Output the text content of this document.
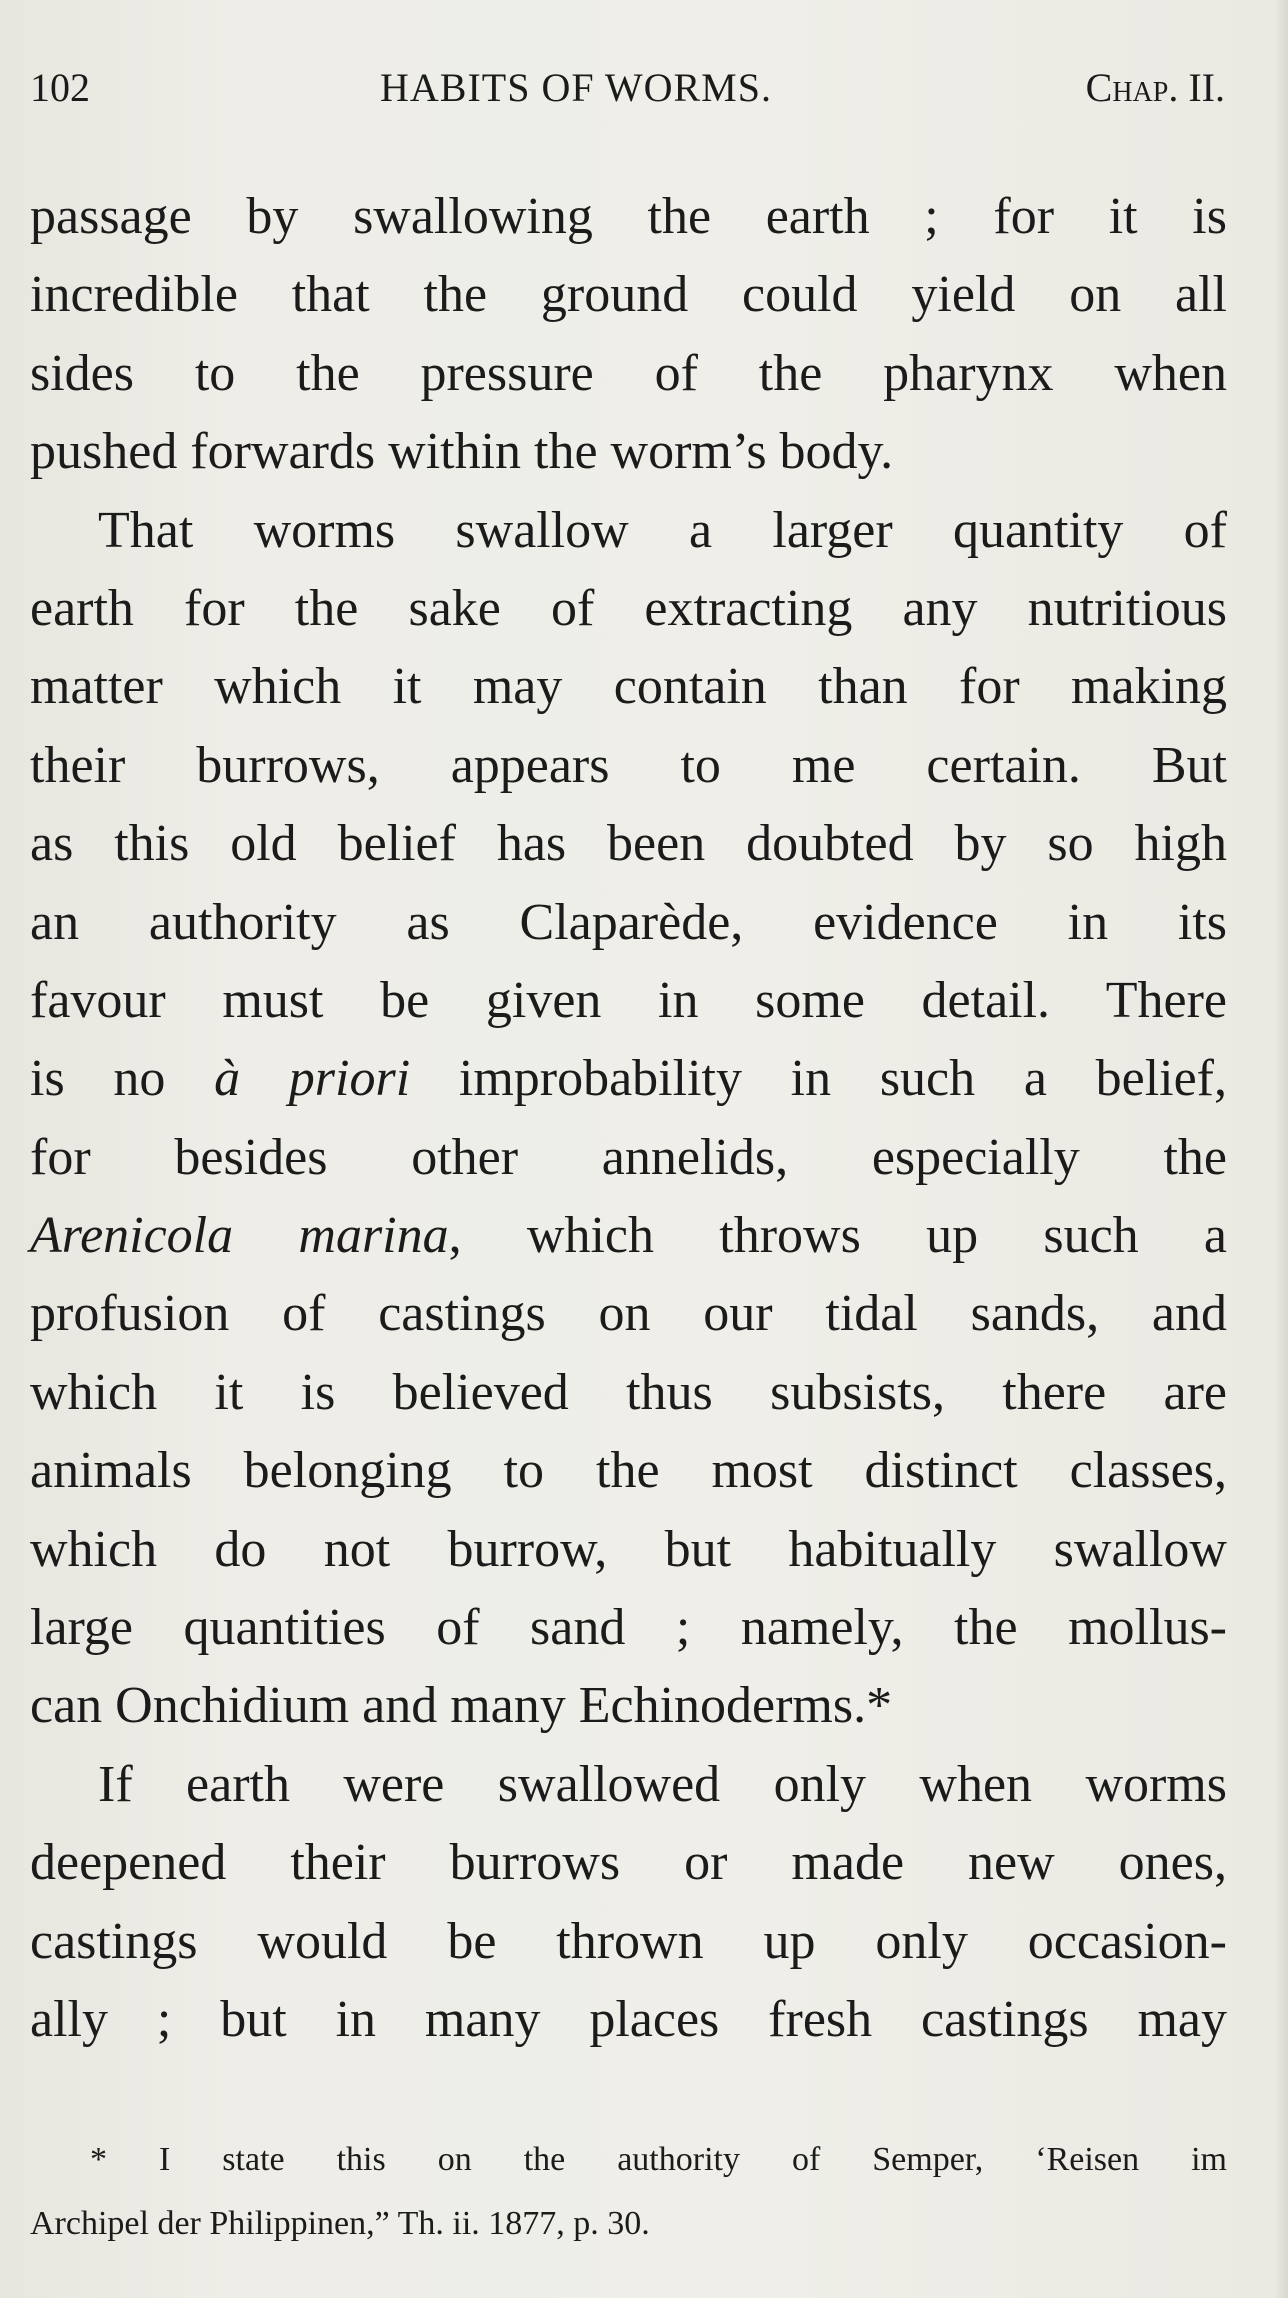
102	HABITS OF WORMS.	Chap. II.
passage by swallowing the earth ; for it is
incredible that the ground could yield on all
sides to the pressure of the pharynx when
pushed forwards within the worm’s body.
That worms swallow a larger quantity of
earth for the sake of extracting any nutritious
matter which it may contain than for making
their burrows, appears to me certain. But
as this old belief has been doubted by so high
an authority as Claparède, evidence in its
favour must be given in some detail. There
is no à priori improbability in such a belief,
for besides other annelids, especially the
Arenicola marina, which throws up such a
profusion of castings on our tidal sands, and
which it is believed thus subsists, there are
animals belonging to the most distinct classes,
which do not burrow, but habitually swallow
large quantities of sand ; namely, the mollus-
can Onchidium and many Echinoderms.*
If earth were swallowed only when worms
deepened their burrows or made new ones,
castings would be thrown up only occasion-
ally ; but in many places fresh castings may
* I state this on the authority of Semper, ‘Reisen im
Archipel der Philippinen,” Th. ii. 1877, p. 30.
